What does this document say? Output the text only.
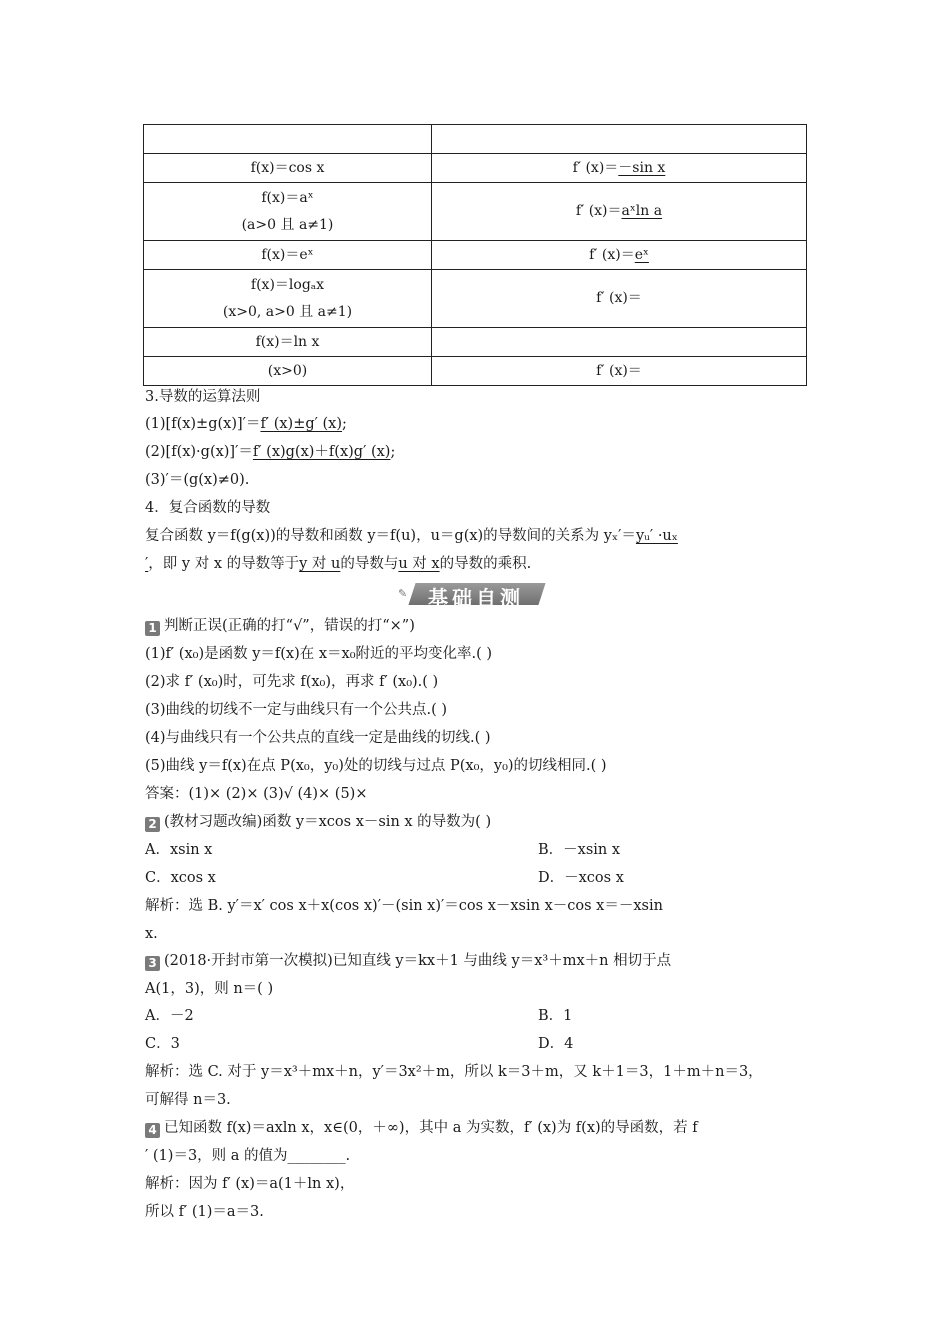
f(x)＝cos x	f′ (x)＝－sin x

f(x)＝aˣ
(a>0 且 a≠1)	f′ (x)＝aˣln a
f(x)＝eˣ	f′ (x)＝eˣ

f(x)＝logₐx
(x>0, a>0 且 a≠1)	f′ (x)＝
f(x)＝ln x	
(x>0)	f′ (x)＝
3.导数的运算法则
(1)[f(x)±g(x)]′＝f′ (x)±g′ (x);
(2)[f(x)·g(x)]′＝f′ (x)g(x)＋f(x)g′ (x);
(3)′＝(g(x)≠0).
4．复合函数的导数
复合函数 y＝f(g(x))的导数和函数 y＝f(u)，u＝g(x)的导数间的关系为 yₓ′＝yᵤ′ ·uₓ
′，即 y 对 x 的导数等于y 对 u的导数与u 对 x的导数的乘积.
✎ 基础自测
1 判断正误(正确的打“√”，错误的打“×”)
(1)f′ (x₀)是函数 y＝f(x)在 x＝x₀附近的平均变化率.( )
(2)求 f′ (x₀)时，可先求 f(x₀)，再求 f′ (x₀).( )
(3)曲线的切线不一定与曲线只有一个公共点.( )
(4)与曲线只有一个公共点的直线一定是曲线的切线.( )
(5)曲线 y＝f(x)在点 P(x₀，y₀)处的切线与过点 P(x₀，y₀)的切线相同.( )
答案：(1)× (2)× (3)√ (4)× (5)×
2 (教材习题改编)函数 y＝xcos x－sin x 的导数为( )
A．xsin x	B．－xsin x
C．xcos x	D．－xcos x
解析：选 B. y′＝x′ cos x＋x(cos x)′－(sin x)′＝cos x－xsin x－cos x＝－xsin
x.
3 (2018·开封市第一次模拟)已知直线 y＝kx＋1 与曲线 y＝x³＋mx＋n 相切于点
A(1，3)，则 n＝( )
A．－2	B．1
C．3	D．4
解析：选 C. 对于 y＝x³＋mx＋n，y′＝3x²＋m，所以 k＝3＋m，又 k＋1＝3，1＋m＋n＝3，
可解得 n＝3.
4 已知函数 f(x)＝axln x，x∈(0，＋∞)，其中 a 为实数，f′ (x)为 f(x)的导函数，若 f
′ (1)＝3，则 a 的值为________.
解析：因为 f′ (x)＝a(1＋ln x)，
所以 f′ (1)＝a＝3.
